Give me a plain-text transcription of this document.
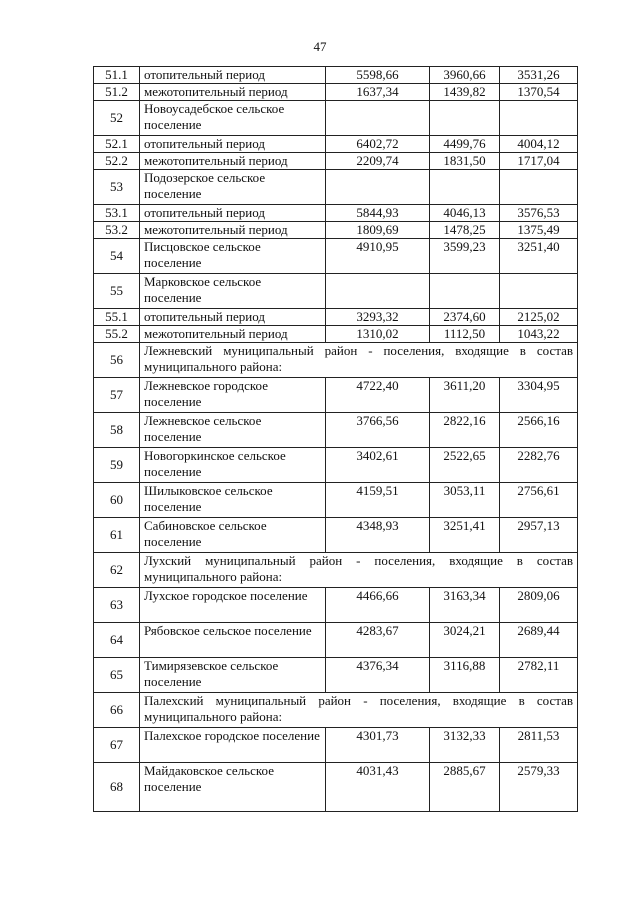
47
51.1	отопительный период	5598,66	3960,66	3531,26
51.2	межотопительный период	1637,34	1439,82	1370,54
52	Новоусадебское сельское поселение			
52.1	отопительный период	6402,72	4499,76	4004,12
52.2	межотопительный период	2209,74	1831,50	1717,04
53	Подозерское сельское поселение			
53.1	отопительный период	5844,93	4046,13	3576,53
53.2	межотопительный период	1809,69	1478,25	1375,49
54	Писцовское сельское поселение	4910,95	3599,23	3251,40
55	Марковское сельское поселение			
55.1	отопительный период	3293,32	2374,60	2125,02
55.2	межотопительный период	1310,02	1112,50	1043,22
56	Лежневский муниципальный район - поселения, входящие в состав муниципального района:			
57	Лежневское городское поселение	4722,40	3611,20	3304,95
58	Лежневское сельское поселение	3766,56	2822,16	2566,16
59	Новогоркинское сельское поселение	3402,61	2522,65	2282,76
60	Шилыковское сельское поселение	4159,51	3053,11	2756,61
61	Сабиновское сельское поселение	4348,93	3251,41	2957,13
62	Лухский муниципальный район - поселения, входящие в состав муниципального района:			
63	Лухское городское поселение	4466,66	3163,34	2809,06
64	Рябовское сельское поселение	4283,67	3024,21	2689,44
65	Тимирязевское сельское поселение	4376,34	3116,88	2782,11
66	Палехский муниципальный район - поселения, входящие в состав муниципального района:			
67	Палехское городское поселение	4301,73	3132,33	2811,53
68	Майдаковское сельское поселение	4031,43	2885,67	2579,33
